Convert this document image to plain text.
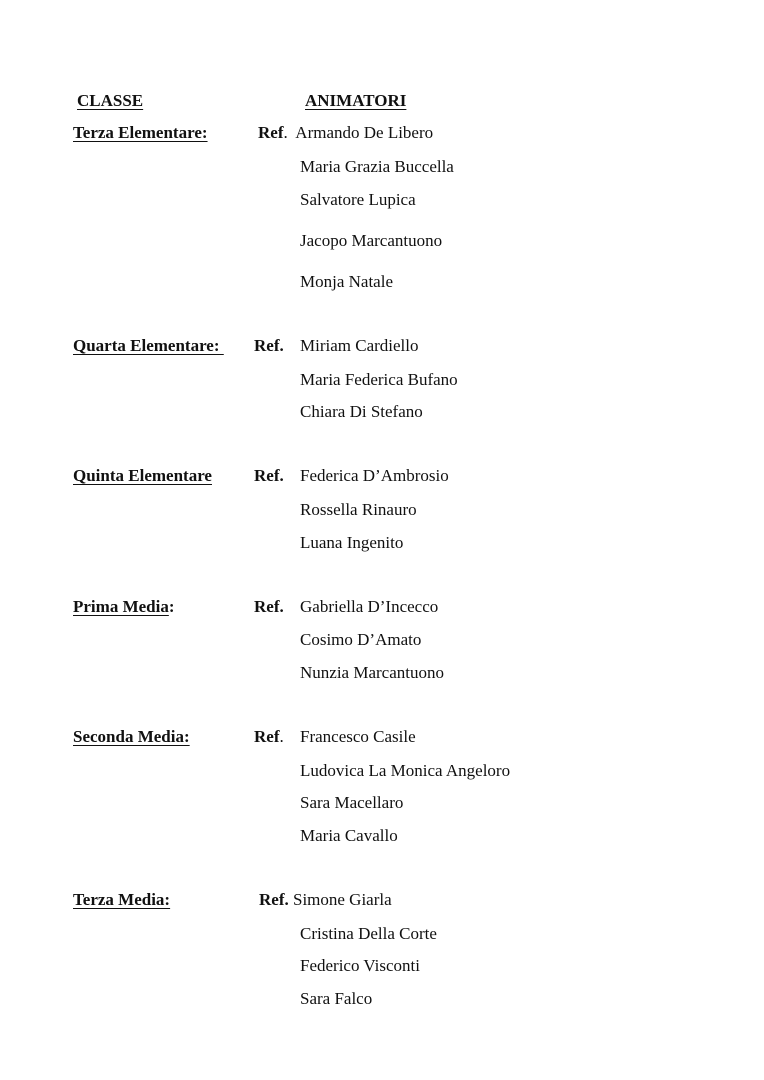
CLASSE	ANIMATORI
Terza Elementare:	Ref. Armando De Libero
Maria Grazia Buccella
Salvatore Lupica
Jacopo Marcantuono
Monja Natale
Quarta Elementare:	Ref. Miriam Cardiello
Maria Federica Bufano
Chiara Di Stefano
Quinta Elementare Ref. Federica D’Ambrosio
Rossella Rinauro
Luana Ingenito
Prima Media:	Ref. Gabriella D’Incecco
Cosimo D’Amato
Nunzia Marcantuono
Seconda Media:	Ref. Francesco Casile
Ludovica La Monica Angeloro
Sara Macellaro
Maria Cavallo
Terza Media:	Ref. Simone Giarla
Cristina Della Corte
Federico Visconti
Sara Falco
